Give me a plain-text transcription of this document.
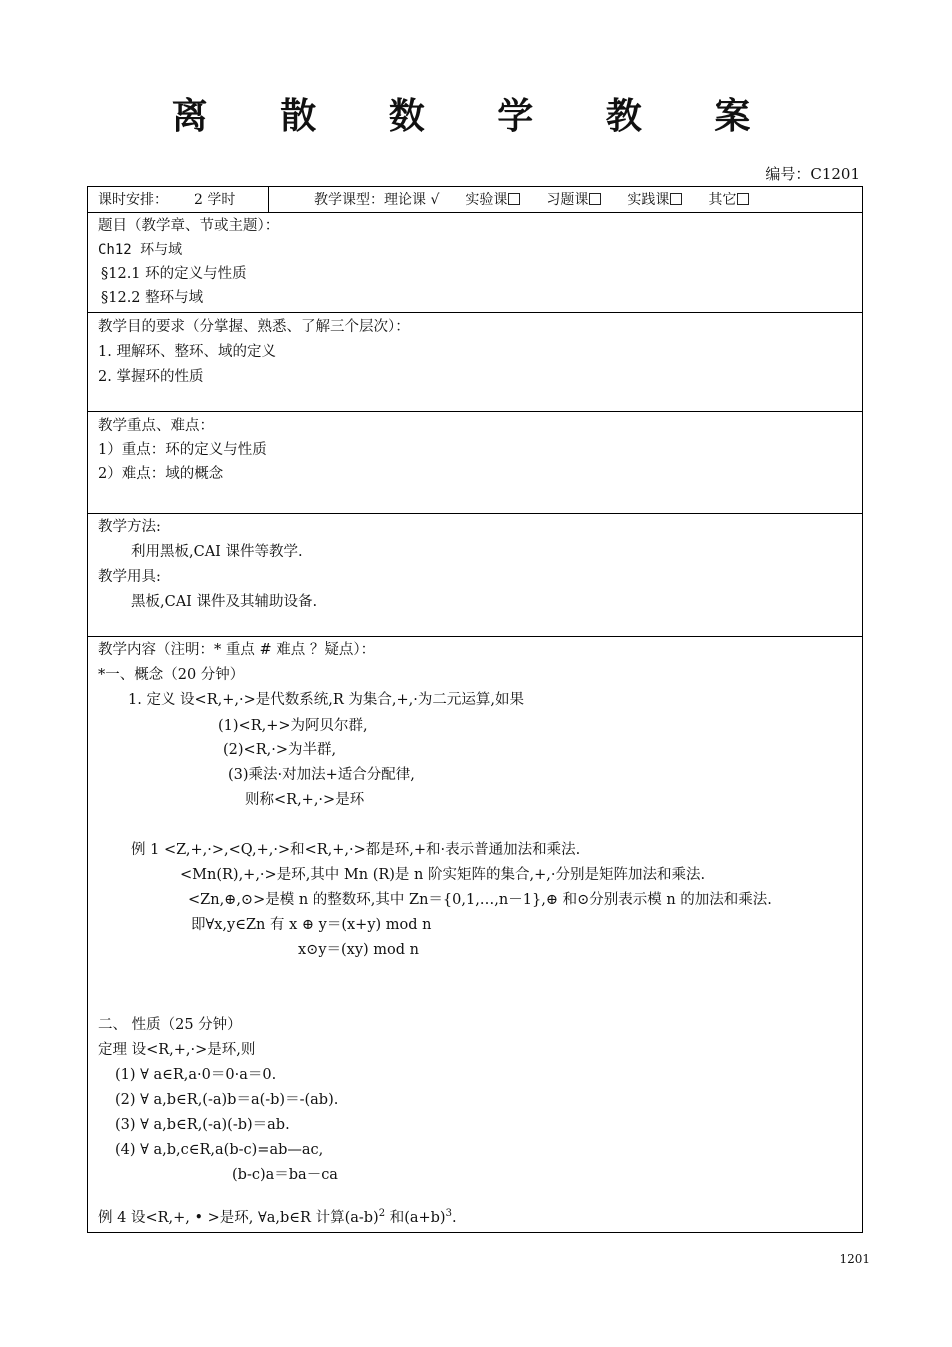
离 散 数 学 教 案
编号：C1201
课时安排： 2 学时	教学课型：理论课 √ 实验课	习题课	实践课	其它
题目（教学章、节或主题）：
Ch12 环与域
§12.1 环的定义与性质
§12.2 整环与域
教学目的要求（分掌握、熟悉、了解三个层次）：
1. 理解环、整环、域的定义
2. 掌握环的性质
教学重点、难点：
1）重点：环的定义与性质
2）难点：域的概念
教学方法:
利用黑板,CAI 课件等教学.
教学用具:
黑板,CAI 课件及其辅助设备.
教学内容（注明：* 重点 # 难点 ？疑点）：
*一、概念（20 分钟）
1. 定义 设<R,+,·>是代数系统,R 为集合,+,·为二元运算,如果
(1)<R,+>为阿贝尔群,
(2)<R,·>为半群,
(3)乘法·对加法+适合分配律,
则称<R,+,·>是环
例 1 <Z,+,·>,<Q,+,·>和<R,+,·>都是环,+和·表示普通加法和乘法.
<Mn(R),+,·>是环,其中 Mn (R)是 n 阶实矩阵的集合,+,·分别是矩阵加法和乘法.
<Zn,⊕,⊙>是模 n 的整数环,其中 Zn＝{0,1,…,n－1},⊕ 和⊙分别表示模 n 的加法和乘法.
即∀x,y∈Zn 有 x ⊕ y＝(x+y) mod n
x⊙y＝(xy) mod n
二、 性质（25 分钟）
定理 设<R,+,·>是环,则
(1) ∀ a∈R,a·0＝0·a＝0.
(2) ∀ a,b∈R,(-a)b＝a(-b)＝-(ab).
(3) ∀ a,b∈R,(-a)(-b)＝ab.
(4) ∀ a,b,c∈R,a(b-c)=ab—ac,
(b-c)a＝ba－ca
例 4 设<R,+, • >是环, ∀a,b∈R 计算$(a-b)^2$ 和$(a+b)^3$.
1201
